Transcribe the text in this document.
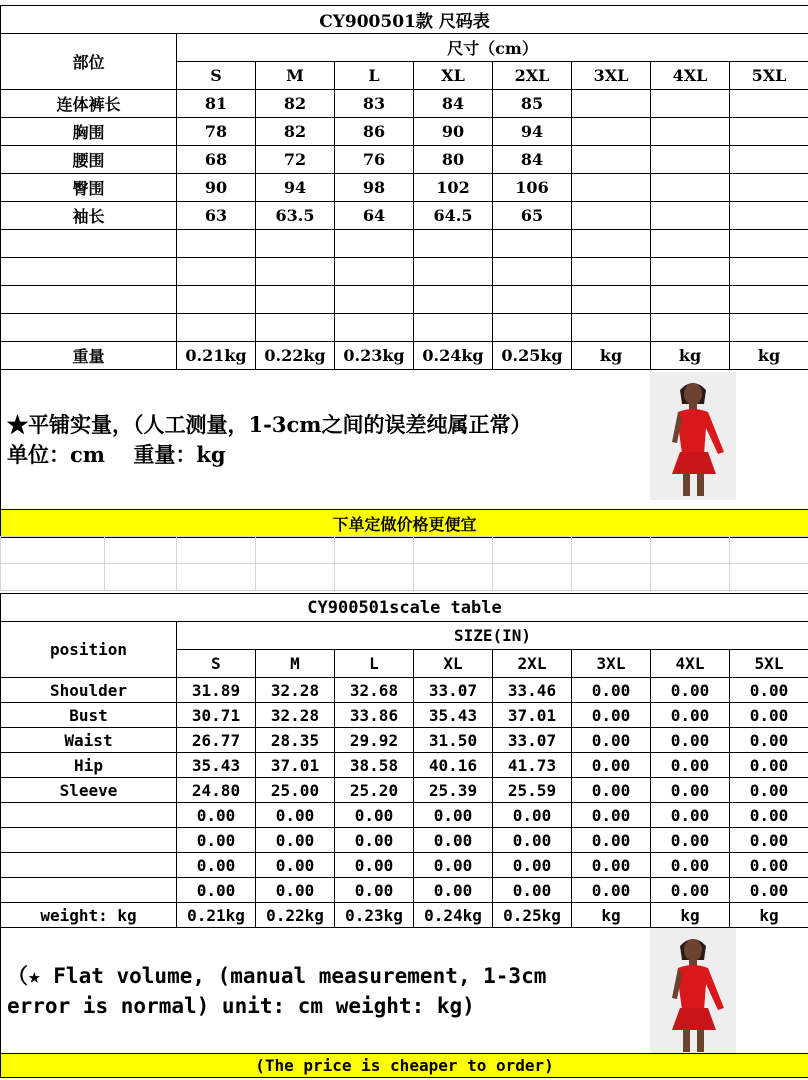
CY900501款 尺码表								
部位	尺寸（cm）							
	S	M	L	XL	2XL	3XL	4XL	5XL
连体裤长	81	82	83	84	85			
胸围	78	82	86	90	94			
腰围	68	72	76	80	84			
臀围	90	94	98	102	106			
袖长	63	63.5	64	64.5	65			

重量	0.21kg	0.22kg	0.23kg	0.24kg	0.25kg	kg	kg	kg

★平铺实量，（人工测量，1-3cm之间的误差纯属正常）
单位：cm　 重量：kg								

下单定做价格更便宜								

CY900501scale table								
position	SIZE(IN)							
	S	M	L	XL	2XL	3XL	4XL	5XL
Shoulder	31.89	32.28	32.68	33.07	33.46	0.00	0.00	0.00
Bust	30.71	32.28	33.86	35.43	37.01	0.00	0.00	0.00
Waist	26.77	28.35	29.92	31.50	33.07	0.00	0.00	0.00
Hip	35.43	37.01	38.58	40.16	41.73	0.00	0.00	0.00
Sleeve	24.80	25.00	25.20	25.39	25.59	0.00	0.00	0.00
	0.00	0.00	0.00	0.00	0.00	0.00	0.00	0.00
	0.00	0.00	0.00	0.00	0.00	0.00	0.00	0.00
	0.00	0.00	0.00	0.00	0.00	0.00	0.00	0.00
	0.00	0.00	0.00	0.00	0.00	0.00	0.00	0.00
weight: kg	0.21kg	0.22kg	0.23kg	0.24kg	0.25kg	kg	kg	kg

（★ Flat volume, (manual measurement, 1-3cm
error is normal) unit: cm weight: kg)								

(The price is cheaper to order)								
